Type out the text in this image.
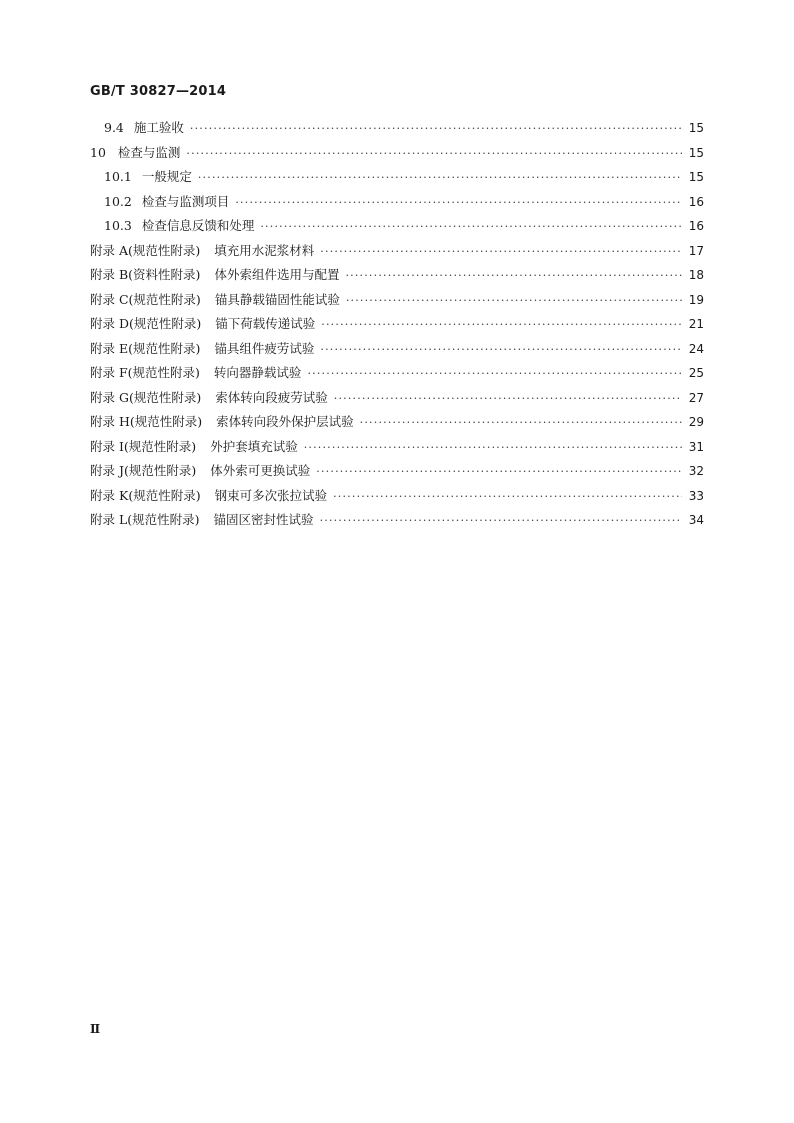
GB/T 30827—2014
9.4 施工验收 ·····	15
10 检查与监测 ·····	15
10.1 一般规定 ·····	15
10.2 检查与监测项目 ·····	16
10.3 检查信息反馈和处理 ·····	16
附录 A (规范性附录) 填充用水泥浆材料 ·····	17
附录 B (资料性附录) 体外索组件选用与配置 ·····	18
附录 C (规范性附录) 锚具静载锚固性能试验 ·····	19
附录 D (规范性附录) 锚下荷载传递试验 ·····	21
附录 E (规范性附录) 锚具组件疲劳试验 ·····	24
附录 F (规范性附录) 转向器静载试验 ·····	25
附录 G (规范性附录) 索体转向段疲劳试验 ·····	27
附录 H (规范性附录) 索体转向段外保护层试验 ·····	29
附录 I (规范性附录) 外护套填充试验 ·····	31
附录 J (规范性附录) 体外索可更换试验 ·····	32
附录 K (规范性附录) 钢束可多次张拉试验 ·····	33
附录 L (规范性附录) 锚固区密封性试验 ·····	34
Ⅱ
